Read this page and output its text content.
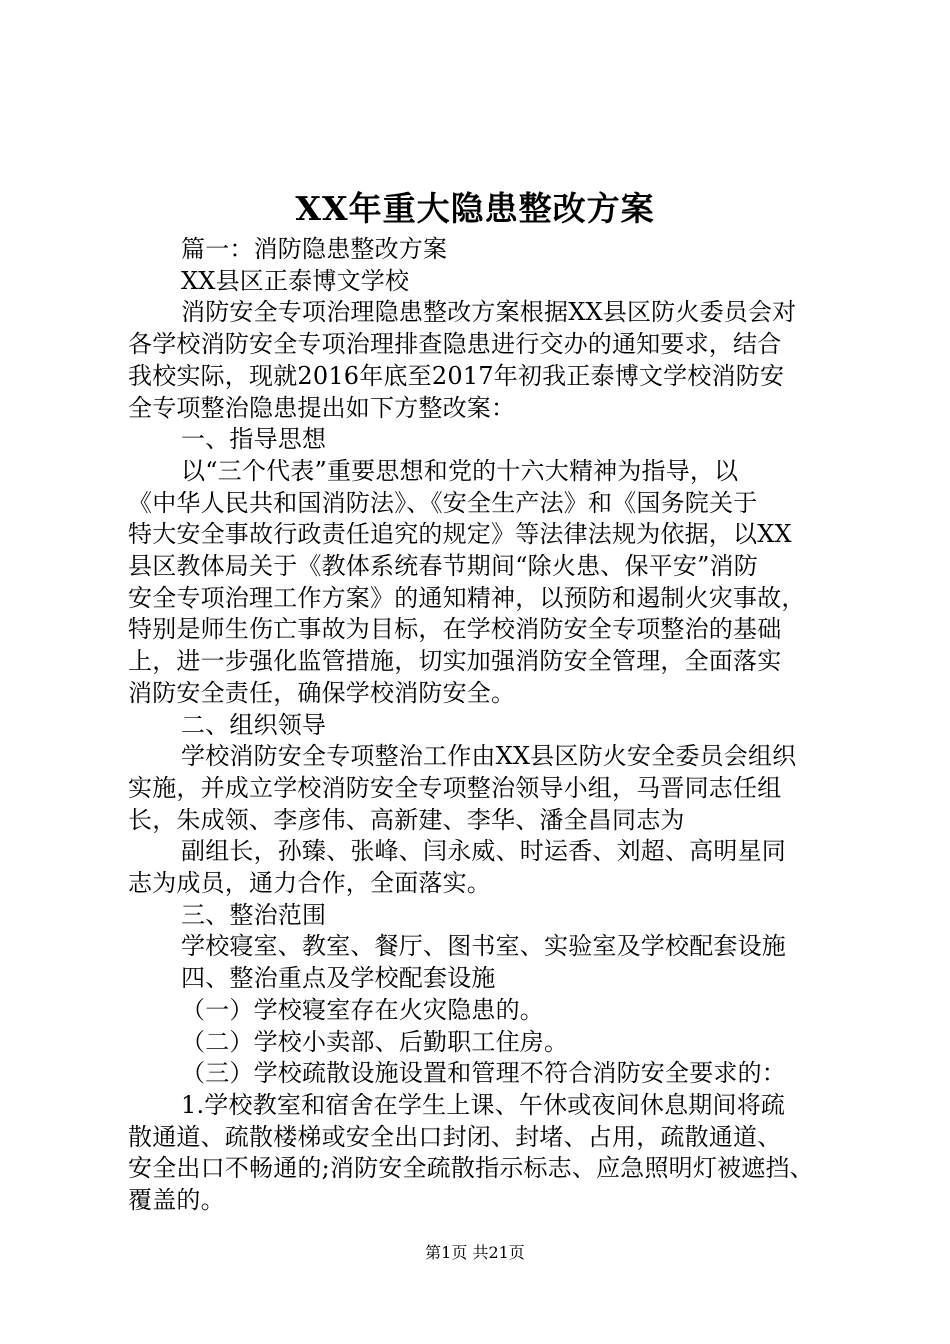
XX年重大隐患整改方案

篇一：消防隐患整改方案

XX县区正泰博文学校

消防安全专项治理隐患整改方案根据XX县区防火委员会对

各学校消防安全专项治理排查隐患进行交办的通知要求，结合

我校实际，现就2016年底至2017年初我正泰博文学校消防安

全专项整治隐患提出如下方整改案：

一、指导思想

以“三个代表”重要思想和党的十六大精神为指导，以

《中华人民共和国消防法》、《安全生产法》和《国务院关于

特大安全事故行政责任追究的规定》等法律法规为依据，以XX

县区教体局关于《教体系统春节期间“除火患、保平安”消防

安全专项治理工作方案》的通知精神，以预防和遏制火灾事故，

特别是师生伤亡事故为目标，在学校消防安全专项整治的基础

上，进一步强化监管措施，切实加强消防安全管理，全面落实

消防安全责任，确保学校消防安全。

二、组织领导

学校消防安全专项整治工作由XX县区防火安全委员会组织

实施，并成立学校消防安全专项整治领导小组，马晋同志任组

长，朱成领、李彦伟、高新建、李华、潘全昌同志为

副组长，孙臻、张峰、闫永威、时运香、刘超、高明星同

志为成员，通力合作，全面落实。

三、整治范围

学校寝室、教室、餐厅、图书室、实验室及学校配套设施

四、整治重点及学校配套设施

（一）学校寝室存在火灾隐患的。

（二）学校小卖部、后勤职工住房。

（三）学校疏散设施设置和管理不符合消防安全要求的：

1.学校教室和宿舍在学生上课、午休或夜间休息期间将疏

散通道、疏散楼梯或安全出口封闭、封堵、占用，疏散通道、

安全出口不畅通的;消防安全疏散指示标志、应急照明灯被遮挡、

覆盖的。

第1页 共21页
